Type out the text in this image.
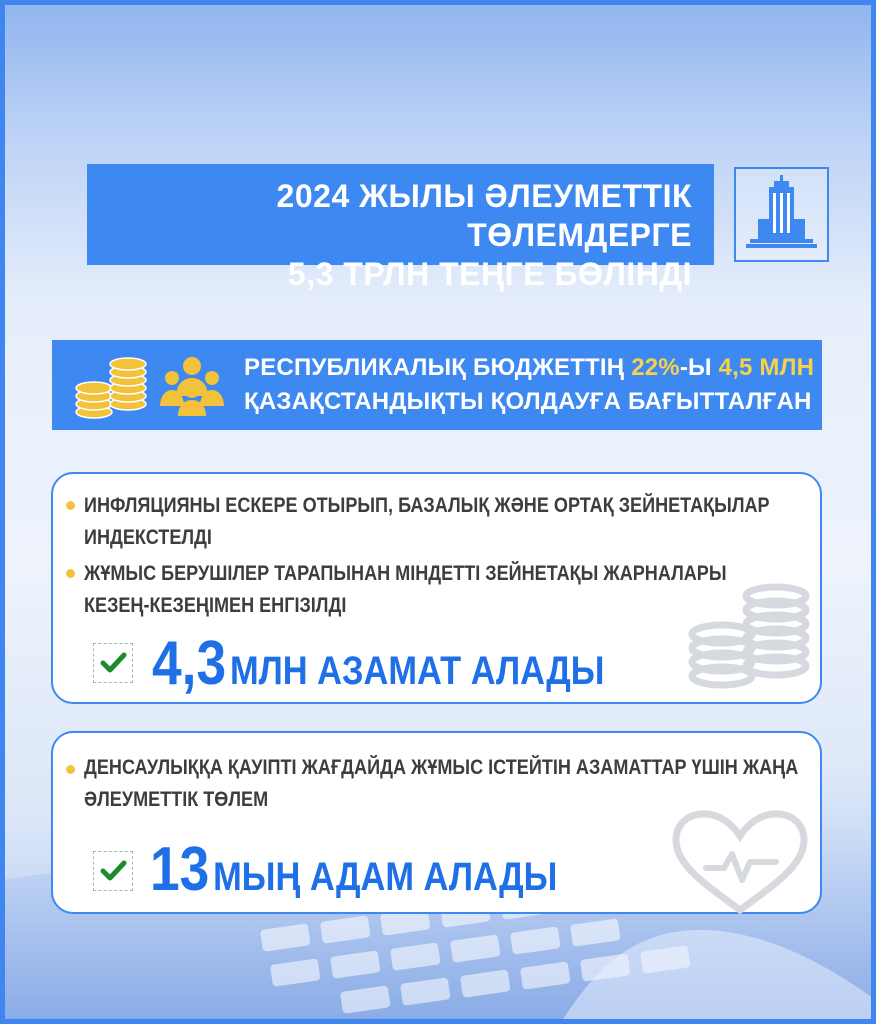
2024 ЖЫЛЫ ӘЛЕУМЕТТІК ТӨЛЕМДЕРГЕ
5,3 ТРЛН ТЕҢГЕ БӨЛІНДІ
РЕСПУБЛИКАЛЫҚ БЮДЖЕТТІҢ 22%-Ы 4,5 МЛН
ҚАЗАҚСТАНДЫҚТЫ ҚОЛДАУҒА БАҒЫТТАЛҒАН
ИНФЛЯЦИЯНЫ ЕСКЕРЕ ОТЫРЫП, БАЗАЛЫҚ ЖӘНЕ ОРТАҚ ЗЕЙНЕТАҚЫЛАР
ИНДЕКСТЕЛДІ
ЖҰМЫС БЕРУШІЛЕР ТАРАПЫНАН МІНДЕТТІ ЗЕЙНЕТАҚЫ ЖАРНАЛАРЫ
КЕЗЕҢ-КЕЗЕҢІМЕН ЕНГІЗІЛДІ
4,3 МЛН АЗАМАТ АЛАДЫ
ДЕНСАУЛЫҚҚА ҚАУІПТІ ЖАҒДАЙДА ЖҰМЫС ІСТЕЙТІН АЗАМАТТАР ҮШІН ЖАҢА
ӘЛЕУМЕТТІК ТӨЛЕМ
13 МЫҢ АДАМ АЛАДЫ
